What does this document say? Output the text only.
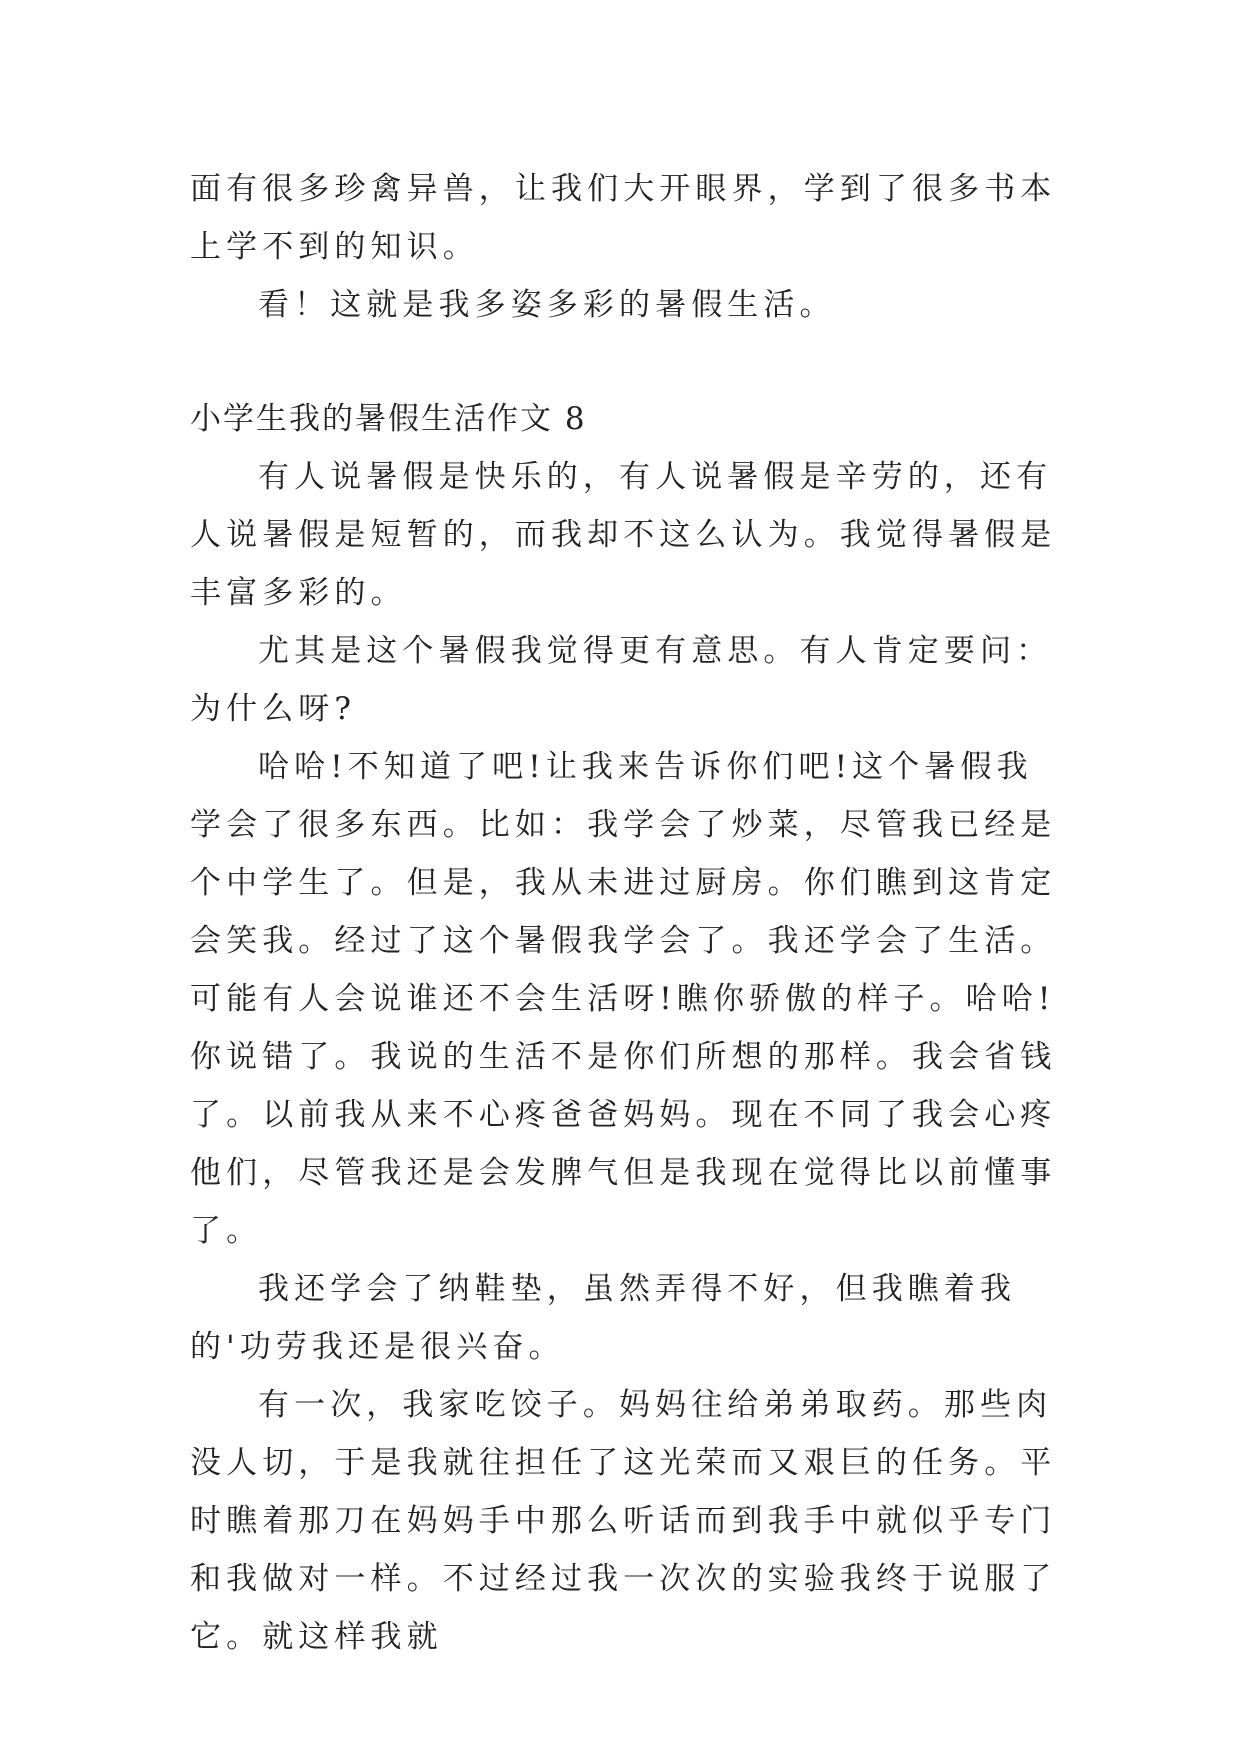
面有很多珍禽异兽，让我们大开眼界，学到了很多书本上学不到的知识。

看！这就是我多姿多彩的暑假生活。

小学生我的暑假生活作文 8

有人说暑假是快乐的，有人说暑假是辛劳的，还有人说暑假是短暂的，而我却不这么认为。我觉得暑假是丰富多彩的。

尤其是这个暑假我觉得更有意思。有人肯定要问：为什么呀?

哈哈!不知道了吧!让我来告诉你们吧!这个暑假我学会了很多东西。比如：我学会了炒菜，尽管我已经是个中学生了。但是，我从未进过厨房。你们瞧到这肯定会笑我。经过了这个暑假我学会了。我还学会了生活。可能有人会说谁还不会生活呀!瞧你骄傲的样子。哈哈!你说错了。我说的生活不是你们所想的那样。我会省钱了。以前我从来不心疼爸爸妈妈。现在不同了我会心疼他们，尽管我还是会发脾气但是我现在觉得比以前懂事了。

我还学会了纳鞋垫，虽然弄得不好，但我瞧着我的'功劳我还是很兴奋。

有一次，我家吃饺子。妈妈往给弟弟取药。那些肉没人切，于是我就往担任了这光荣而又艰巨的任务。平时瞧着那刀在妈妈手中那么听话而到我手中就似乎专门和我做对一样。不过经过我一次次的实验我终于说服了它。就这样我就
